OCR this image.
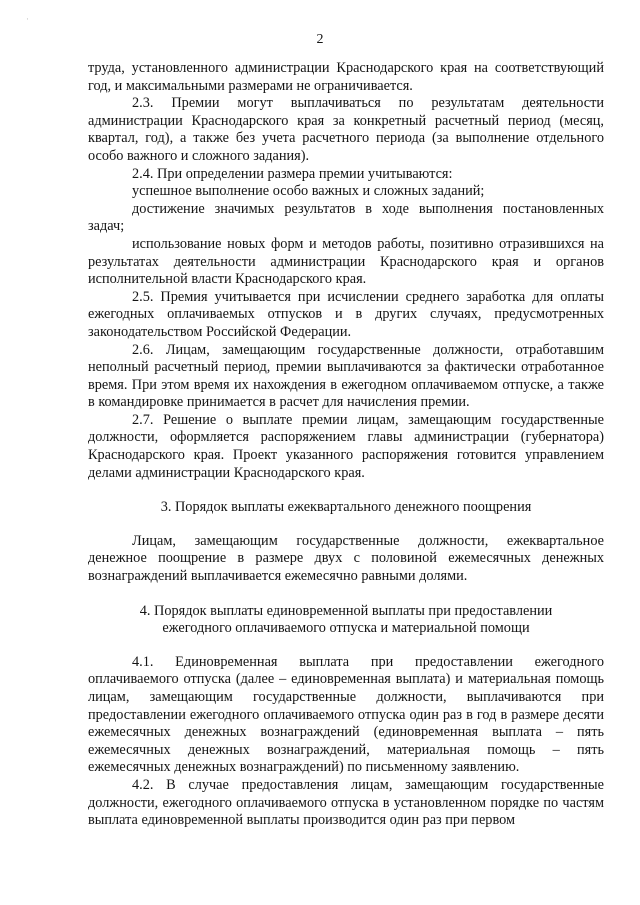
·
2

труда, установленного администрации Краснодарского края на соответствующий год, и максимальными размерами не ограничивается.

2.3. Премии могут выплачиваться по результатам деятельности администрации Краснодарского края за конкретный расчетный период (месяц, квартал, год), а также без учета расчетного периода (за выполнение отдельного особо важного и сложного задания).

2.4. При определении размера премии учитываются:

успешное выполнение особо важных и сложных заданий;

достижение значимых результатов в ходе выполнения постановленных задач;

использование новых форм и методов работы, позитивно отразившихся на результатах деятельности администрации Краснодарского края и органов исполнительной власти Краснодарского края.

2.5. Премия учитывается при исчислении среднего заработка для оплаты ежегодных оплачиваемых отпусков и в других случаях, предусмотренных законодательством Российской Федерации.

2.6. Лицам, замещающим государственные должности, отработавшим неполный расчетный период, премии выплачиваются за фактически отработанное время. При этом время их нахождения в ежегодном оплачиваемом отпуске, а также в командировке принимается в расчет для начисления премии.

2.7. Решение о выплате премии лицам, замещающим государственные должности, оформляется распоряжением главы администрации (губернатора) Краснодарского края. Проект указанного распоряжения готовится управлением делами администрации Краснодарского края.

3. Порядок выплаты ежеквартального денежного поощрения

Лицам, замещающим государственные должности, ежеквартальное денежное поощрение в размере двух с половиной ежемесячных денежных вознаграждений выплачивается ежемесячно равными долями.

4. Порядок выплаты единовременной выплаты при предоставлении
ежегодного оплачиваемого отпуска и материальной помощи

4.1. Единовременная выплата при предоставлении ежегодного оплачиваемого отпуска (далее – единовременная выплата) и материальная помощь лицам, замещающим государственные должности, выплачиваются при предоставлении ежегодного оплачиваемого отпуска один раз в год в размере десяти ежемесячных денежных вознаграждений (единовременная выплата – пять ежемесячных денежных вознаграждений, материальная помощь – пять ежемесячных денежных вознаграждений) по письменному заявлению.

4.2. В случае предоставления лицам, замещающим государственные должности, ежегодного оплачиваемого отпуска в установленном порядке по частям выплата единовременной выплаты производится один раз при первом
